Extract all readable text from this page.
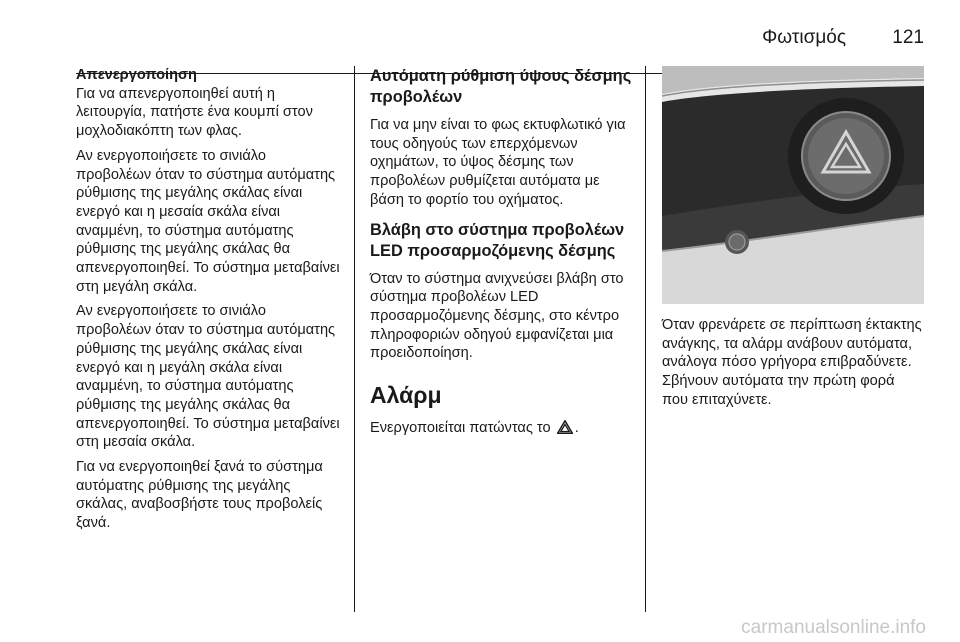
Φωτισμός 121

Απενεργοποίηση
Για να απενεργοποιηθεί αυτή η λειτουργία, πατήστε ένα κουμπί στον μοχλοδιακόπτη των φλας.

Αν ενεργοποιήσετε το σινιάλο προβολέων όταν το σύστημα αυτόματης ρύθμισης της μεγάλης σκάλας είναι ενεργό και η μεσαία σκάλα είναι αναμμένη, το σύστημα αυτόματης ρύθμισης της μεγάλης σκάλας θα απενεργοποιηθεί. Το σύστημα μεταβαίνει στη μεγάλη σκάλα.

Αν ενεργοποιήσετε το σινιάλο προβολέων όταν το σύστημα αυτόματης ρύθμισης της μεγάλης σκάλας είναι ενεργό και η μεγάλη σκάλα είναι αναμμένη, το σύστημα αυτόματης ρύθμισης της μεγάλης σκάλας θα απενεργοποιηθεί. Το σύστημα μεταβαίνει στη μεσαία σκάλα.

Για να ενεργοποιηθεί ξανά το σύστημα αυτόματης ρύθμισης της μεγάλης σκάλας, αναβοσβήστε τους προβολείς ξανά.

Αυτόματη ρύθμιση ύψους δέσμης προβολέων

Για να μην είναι το φως εκτυφλωτικό για τους οδηγούς των επερχόμενων οχημάτων, το ύψος δέσμης των προβολέων ρυθμίζεται αυτόματα με βάση το φορτίο του οχήματος.

Βλάβη στο σύστημα προβολέων LED προσαρμοζόμενης δέσμης

Όταν το σύστημα ανιχνεύσει βλάβη στο σύστημα προβολέων LED προσαρμοζόμενης δέσμης, στο κέντρο πληροφοριών οδηγού εμφανίζεται μια προειδοποίηση.

Αλάρμ

Ενεργοποιείται πατώντας το .

Όταν φρενάρετε σε περίπτωση έκτακτης ανάγκης, τα αλάρμ ανάβουν αυτόματα, ανάλογα πόσο γρήγορα επιβραδύνετε. Σβήνουν αυτόματα την πρώτη φορά που επιταχύνετε.

carmanualsonline.info
